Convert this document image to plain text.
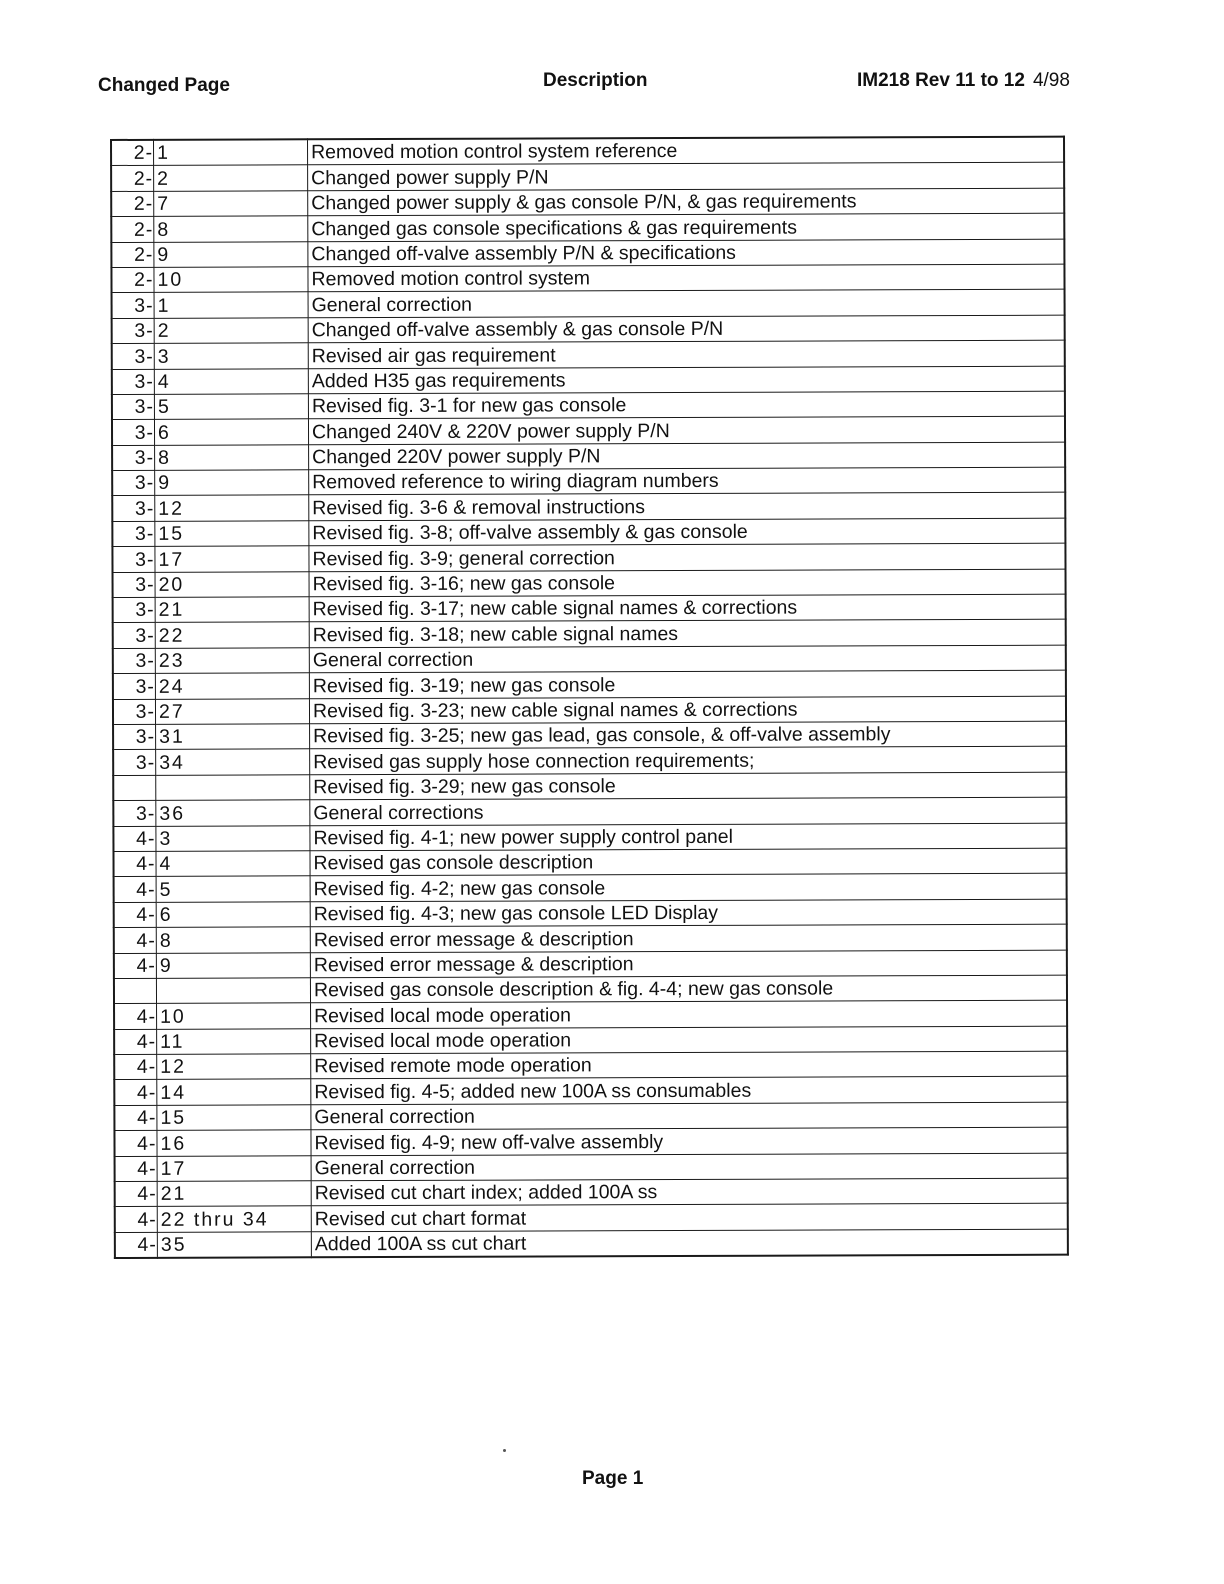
Changed Page	Description	IM218 Rev 11 to 12 4/98
2-	1	Removed motion control system reference
2-	2	Changed power supply P/N
2-	7	Changed power supply & gas console P/N, & gas requirements
2-	8	Changed gas console specifications & gas requirements
2-	9	Changed off-valve assembly P/N & specifications
2-	10	Removed motion control system
3-	1	General correction
3-	2	Changed off-valve assembly & gas console P/N
3-	3	Revised air gas requirement
3-	4	Added H35 gas requirements
3-	5	Revised fig. 3-1 for new gas console
3-	6	Changed 240V & 220V power supply P/N
3-	8	Changed 220V power supply P/N
3-	9	Removed reference to wiring diagram numbers
3-	12	Revised fig. 3-6 & removal instructions
3-	15	Revised fig. 3-8; off-valve assembly & gas console
3-	17	Revised fig. 3-9; general correction
3-	20	Revised fig. 3-16; new gas console
3-	21	Revised fig. 3-17; new cable signal names & corrections
3-	22	Revised fig. 3-18; new cable signal names
3-	23	General correction
3-	24	Revised fig. 3-19; new gas console
3-	27	Revised fig. 3-23; new cable signal names & corrections
3-	31	Revised fig. 3-25; new gas lead, gas console, & off-valve assembly
3-	34	Revised gas supply hose connection requirements;
		Revised fig. 3-29; new gas console
3-	36	General corrections
4-	3	Revised fig. 4-1; new power supply control panel
4-	4	Revised gas console description
4-	5	Revised fig. 4-2; new gas console
4-	6	Revised fig. 4-3; new gas console LED Display
4-	8	Revised error message & description
4-	9	Revised error message & description
		Revised gas console description & fig. 4-4; new gas console
4-	10	Revised local mode operation
4-	11	Revised local mode operation
4-	12	Revised remote mode operation
4-	14	Revised fig. 4-5; added new 100A ss consumables
4-	15	General correction
4-	16	Revised fig. 4-9; new off-valve assembly
4-	17	General correction
4-	21	Revised cut chart index; added 100A ss
4-	22 thru 34	Revised cut chart format
4-	35	Added 100A ss cut chart
Page 1
